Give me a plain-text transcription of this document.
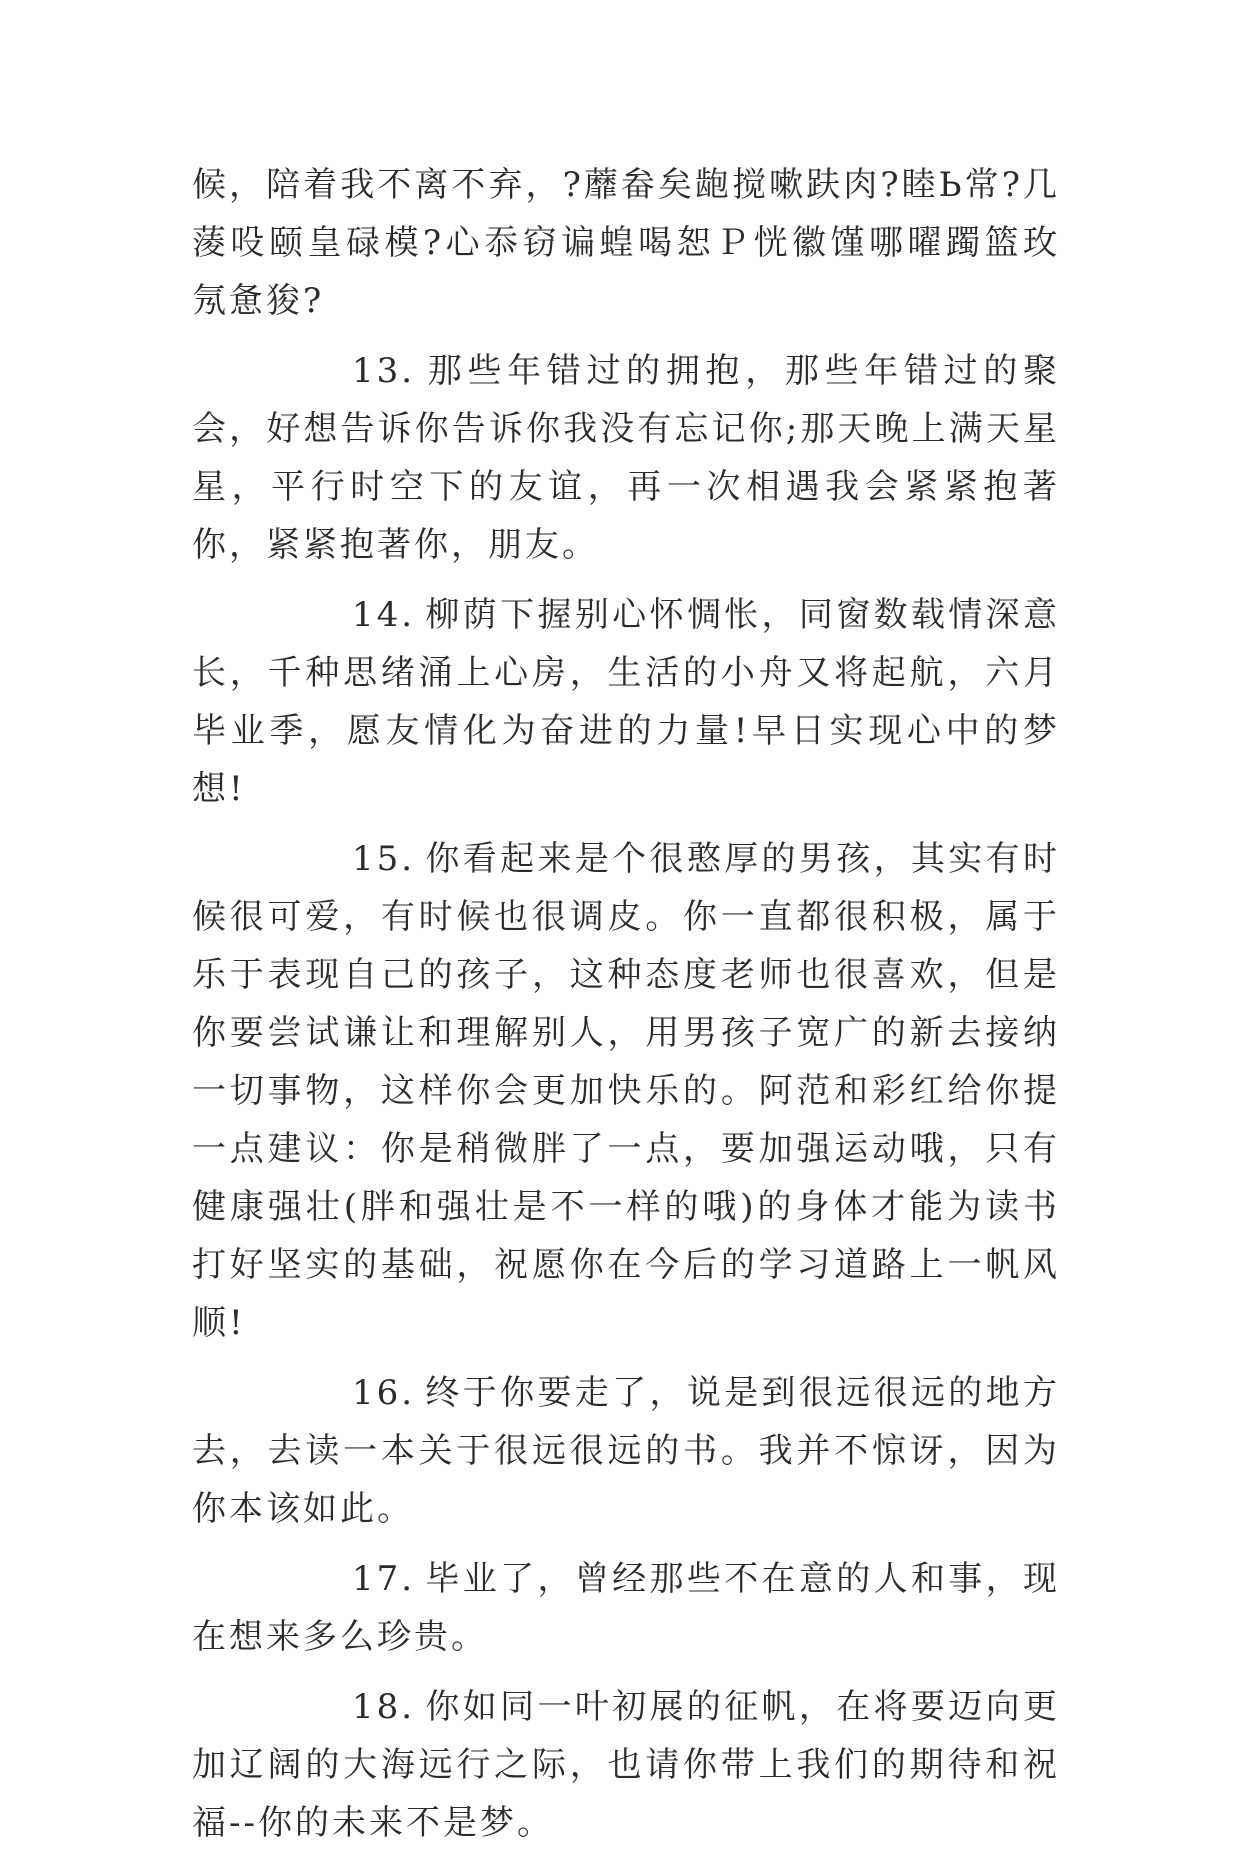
候，陪着我不离不弃，?蘼畚矣龅搅嗽趺肉?睦Ь常?几蔆吺颐皇碌模?心忝窃谝蝗喝恕Ｐ恍徽馑哪曜躅篮玫氖惫狻?

13. 那些年错过的拥抱，那些年错过的聚会，好想告诉你告诉你我没有忘记你;那天晚上满天星星，平行时空下的友谊，再一次相遇我会紧紧抱著你，紧紧抱著你，朋友。

14. 柳荫下握别心怀惆怅，同窗数载情深意长，千种思绪涌上心房，生活的小舟又将起航，六月毕业季，愿友情化为奋进的力量!早日实现心中的梦想!

15. 你看起来是个很憨厚的男孩，其实有时候很可爱，有时候也很调皮。你一直都很积极，属于乐于表现自己的孩子，这种态度老师也很喜欢，但是你要尝试谦让和理解别人，用男孩子宽广的新去接纳一切事物，这样你会更加快乐的。阿范和彩红给你提一点建议：你是稍微胖了一点，要加强运动哦，只有健康强壮(胖和强壮是不一样的哦)的身体才能为读书打好坚实的基础，祝愿你在今后的学习道路上一帆风顺!

16. 终于你要走了，说是到很远很远的地方去，去读一本关于很远很远的书。我并不惊讶，因为你本该如此。

17. 毕业了，曾经那些不在意的人和事，现在想来多么珍贵。

18. 你如同一叶初展的征帆，在将要迈向更加辽阔的大海远行之际，也请你带上我们的期待和祝福--你的未来不是梦。
